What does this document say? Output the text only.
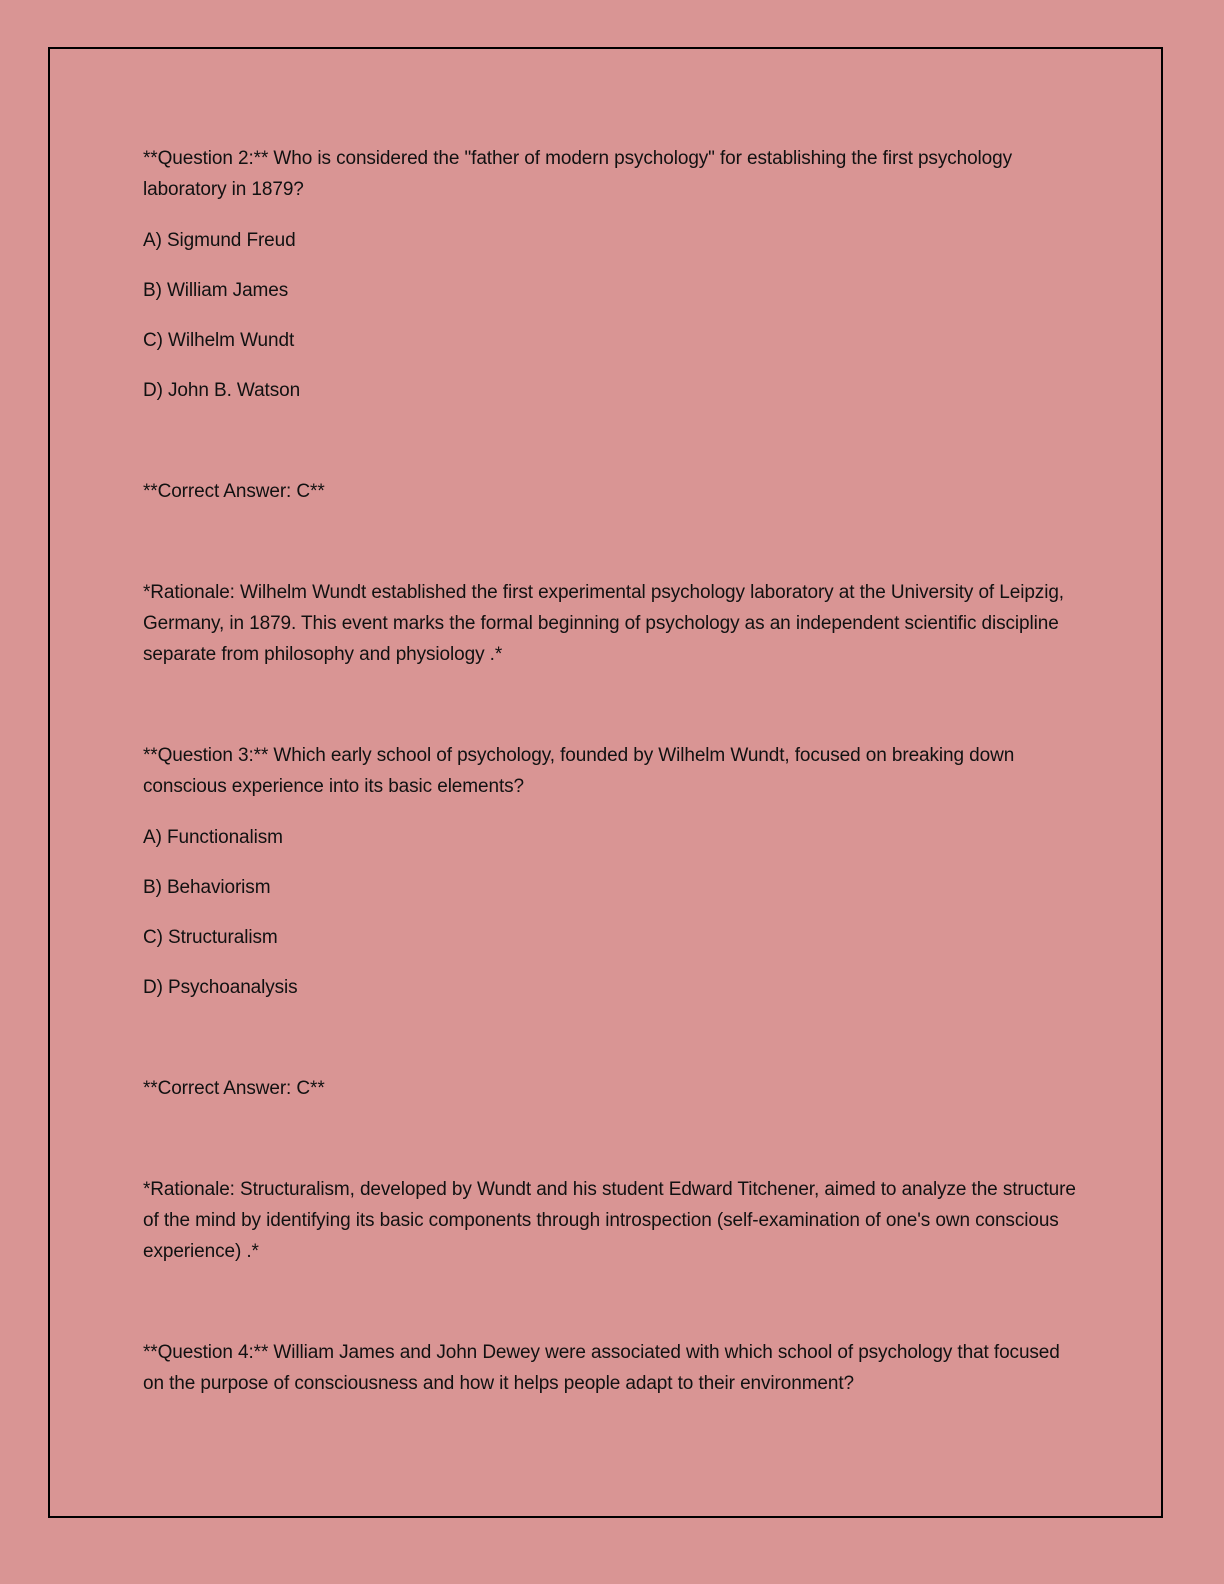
**Question 2:** Who is considered the "father of modern psychology" for establishing the first psychology laboratory in 1879?

A) Sigmund Freud

B) William James

C) Wilhelm Wundt

D) John B. Watson

**Correct Answer: C**

*Rationale: Wilhelm Wundt established the first experimental psychology laboratory at the University of Leipzig, Germany, in 1879. This event marks the formal beginning of psychology as an independent scientific discipline separate from philosophy and physiology .*

**Question 3:** Which early school of psychology, founded by Wilhelm Wundt, focused on breaking down conscious experience into its basic elements?

A) Functionalism

B) Behaviorism

C) Structuralism

D) Psychoanalysis

**Correct Answer: C**

*Rationale: Structuralism, developed by Wundt and his student Edward Titchener, aimed to analyze the structure of the mind by identifying its basic components through introspection (self-examination of one's own conscious experience) .*

**Question 4:** William James and John Dewey were associated with which school of psychology that focused on the purpose of consciousness and how it helps people adapt to their environment?
